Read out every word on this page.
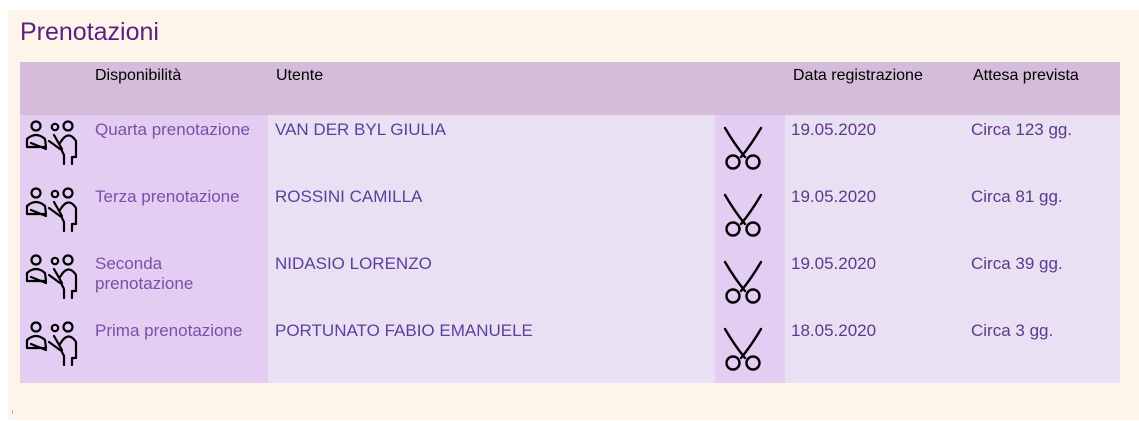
Prenotazioni
	Disponibilità	Utente		Data registrazione	Attesa prevista

	Quarta prenotazione	VAN DER BYL GIULIA		19.05.2020	Circa 123 gg.

	Terza prenotazione	ROSSINI CAMILLA		19.05.2020	Circa 81 gg.

	Seconda prenotazione	NIDASIO LORENZO		19.05.2020	Circa 39 gg.

	Prima prenotazione	PORTUNATO FABIO EMANUELE		18.05.2020	Circa 3 gg.
